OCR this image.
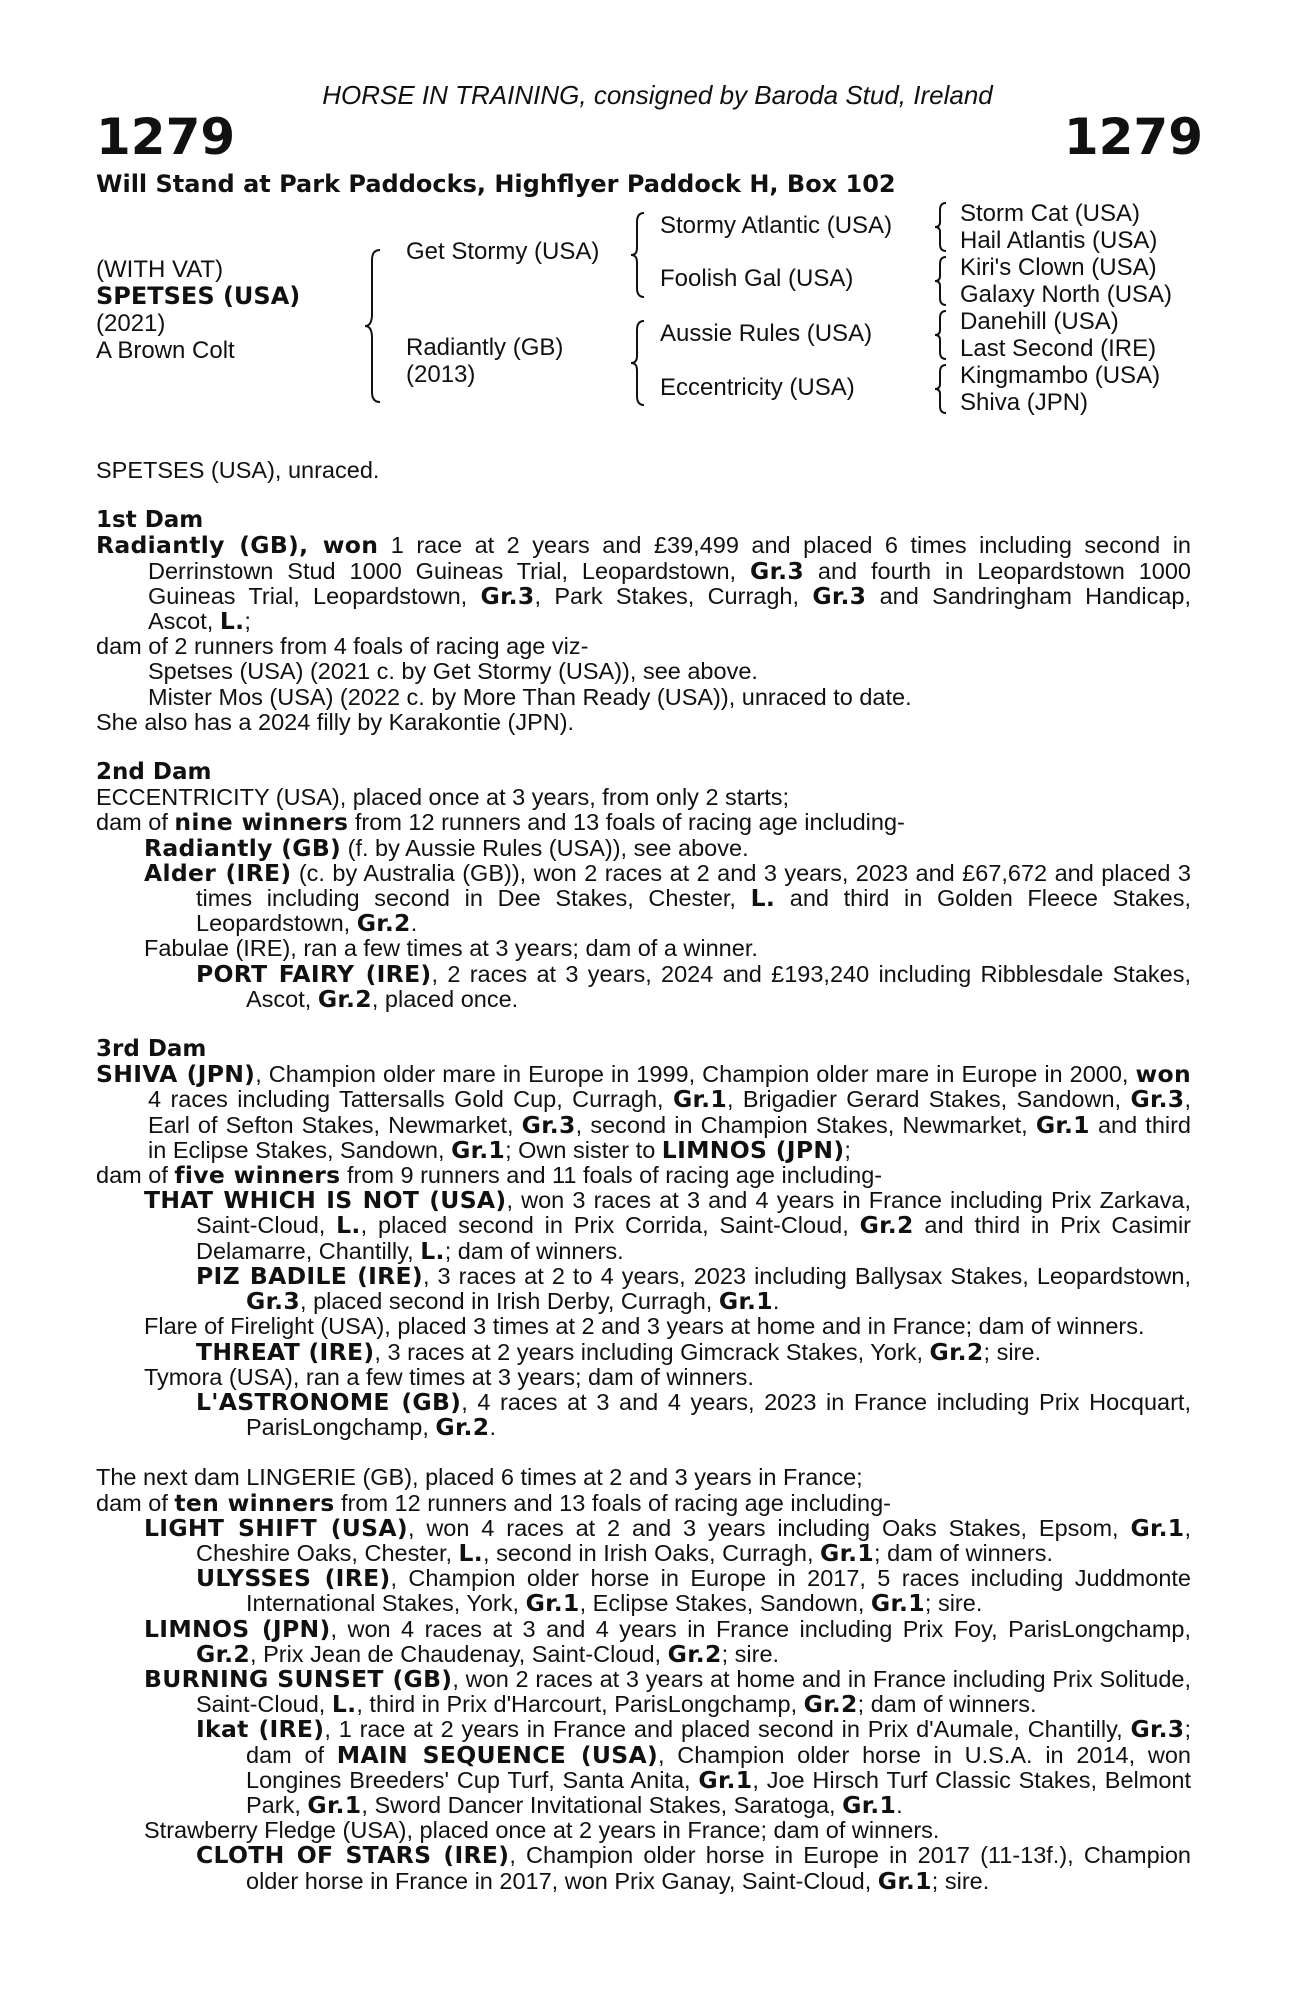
HORSE IN TRAINING, consigned by Baroda Stud, Ireland
1279	1279
Will Stand at Park Paddocks, Highflyer Paddock H, Box 102
(WITH VAT)
SPETSES (USA)
(2021)
A Brown Colt
Get Stormy (USA)
Radiantly (GB)
(2013)
Stormy Atlantic (USA)
Foolish Gal (USA)
Aussie Rules (USA)
Eccentricity (USA)
Storm Cat (USA)
Hail Atlantis (USA)
Kiri's Clown (USA)
Galaxy North (USA)
Danehill (USA)
Last Second (IRE)
Kingmambo (USA)
Shiva (JPN)

SPETSES (USA), unraced.

1st Dam

Radiantly (GB), won 1 race at 2 years and £39,499 and placed 6 times including second in Derrinstown Stud 1000 Guineas Trial, Leopardstown, Gr.3 and fourth in Leopardstown 1000 Guineas Trial, Leopardstown, Gr.3, Park Stakes, Curragh, Gr.3 and Sandringham Handicap, Ascot, L.;

dam of 2 runners from 4 foals of racing age viz-

Spetses (USA) (2021 c. by Get Stormy (USA)), see above.

Mister Mos (USA) (2022 c. by More Than Ready (USA)), unraced to date.

She also has a 2024 filly by Karakontie (JPN).

2nd Dam

ECCENTRICITY (USA), placed once at 3 years, from only 2 starts;

dam of nine winners from 12 runners and 13 foals of racing age including-

Radiantly (GB) (f. by Aussie Rules (USA)), see above.

Alder (IRE) (c. by Australia (GB)), won 2 races at 2 and 3 years, 2023 and £67,672 and placed 3 times including second in Dee Stakes, Chester, L. and third in Golden Fleece Stakes, Leopardstown, Gr.2.

Fabulae (IRE), ran a few times at 3 years; dam of a winner.

PORT FAIRY (IRE), 2 races at 3 years, 2024 and £193,240 including Ribblesdale Stakes, Ascot, Gr.2, placed once.

3rd Dam

SHIVA (JPN), Champion older mare in Europe in 1999, Champion older mare in Europe in 2000, won 4 races including Tattersalls Gold Cup, Curragh, Gr.1, Brigadier Gerard Stakes, Sandown, Gr.3, Earl of Sefton Stakes, Newmarket, Gr.3, second in Champion Stakes, Newmarket, Gr.1 and third in Eclipse Stakes, Sandown, Gr.1; Own sister to LIMNOS (JPN);

dam of five winners from 9 runners and 11 foals of racing age including-

THAT WHICH IS NOT (USA), won 3 races at 3 and 4 years in France including Prix Zarkava, Saint-Cloud, L., placed second in Prix Corrida, Saint-Cloud, Gr.2 and third in Prix Casimir Delamarre, Chantilly, L.; dam of winners.

PIZ BADILE (IRE), 3 races at 2 to 4 years, 2023 including Ballysax Stakes, Leopardstown, Gr.3, placed second in Irish Derby, Curragh, Gr.1.

Flare of Firelight (USA), placed 3 times at 2 and 3 years at home and in France; dam of winners.

THREAT (IRE), 3 races at 2 years including Gimcrack Stakes, York, Gr.2; sire.

Tymora (USA), ran a few times at 3 years; dam of winners.

L'ASTRONOME (GB), 4 races at 3 and 4 years, 2023 in France including Prix Hocquart, ParisLongchamp, Gr.2.

The next dam LINGERIE (GB), placed 6 times at 2 and 3 years in France;

dam of ten winners from 12 runners and 13 foals of racing age including-

LIGHT SHIFT (USA), won 4 races at 2 and 3 years including Oaks Stakes, Epsom, Gr.1, Cheshire Oaks, Chester, L., second in Irish Oaks, Curragh, Gr.1; dam of winners.

ULYSSES (IRE), Champion older horse in Europe in 2017, 5 races including Juddmonte International Stakes, York, Gr.1, Eclipse Stakes, Sandown, Gr.1; sire.

LIMNOS (JPN), won 4 races at 3 and 4 years in France including Prix Foy, ParisLongchamp, Gr.2, Prix Jean de Chaudenay, Saint-Cloud, Gr.2; sire.

BURNING SUNSET (GB), won 2 races at 3 years at home and in France including Prix Solitude, Saint-Cloud, L., third in Prix d'Harcourt, ParisLongchamp, Gr.2; dam of winners.

Ikat (IRE), 1 race at 2 years in France and placed second in Prix d'Aumale, Chantilly, Gr.3; dam of MAIN SEQUENCE (USA), Champion older horse in U.S.A. in 2014, won Longines Breeders' Cup Turf, Santa Anita, Gr.1, Joe Hirsch Turf Classic Stakes, Belmont Park, Gr.1, Sword Dancer Invitational Stakes, Saratoga, Gr.1.

Strawberry Fledge (USA), placed once at 2 years in France; dam of winners.

CLOTH OF STARS (IRE), Champion older horse in Europe in 2017 (11-13f.), Champion older horse in France in 2017, won Prix Ganay, Saint-Cloud, Gr.1; sire.
